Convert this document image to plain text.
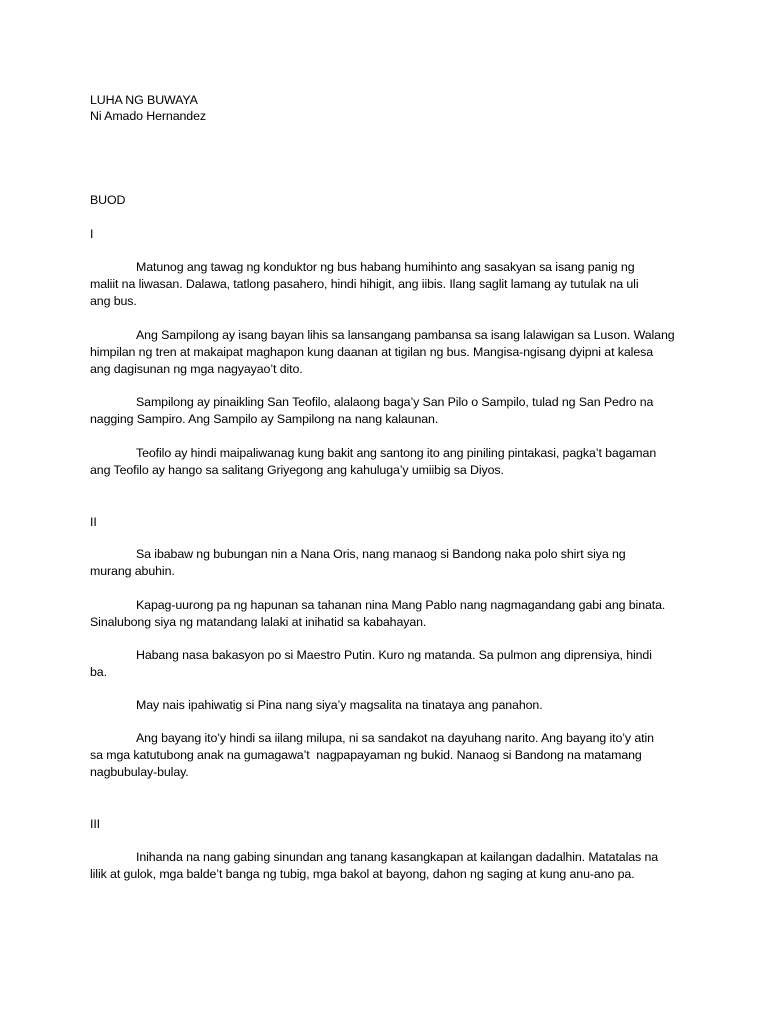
LUHA NG BUWAYA
Ni Amado Hernandez
BUOD
I
Matunog ang tawag ng konduktor ng bus habang humihinto ang sasakyan sa isang panig ng
maliit na liwasan. Dalawa, tatlong pasahero, hindi hihigit, ang iibis. Ilang saglit lamang ay tutulak na uli
ang bus.
Ang Sampilong ay isang bayan lihis sa lansangang pambansa sa isang lalawigan sa Luson. Walang
himpilan ng tren at makaipat maghapon kung daanan at tigilan ng bus. Mangisa-ngisang dyipni at kalesa
ang dagisunan ng mga nagyayao’t dito.
Sampilong ay pinaikling San Teofilo, alalaong baga’y San Pilo o Sampilo, tulad ng San Pedro na
nagging Sampiro. Ang Sampilo ay Sampilong na nang kalaunan.
Teofilo ay hindi maipaliwanag kung bakit ang santong ito ang piniling pintakasi, pagka’t bagaman
ang Teofilo ay hango sa salitang Griyegong ang kahuluga’y umiibig sa Diyos.
II
Sa ibabaw ng bubungan nin a Nana Oris, nang manaog si Bandong naka polo shirt siya ng
murang abuhin.
Kapag-uurong pa ng hapunan sa tahanan nina Mang Pablo nang nagmagandang gabi ang binata.
Sinalubong siya ng matandang lalaki at inihatid sa kabahayan.
Habang nasa bakasyon po si Maestro Putin. Kuro ng matanda. Sa pulmon ang diprensiya, hindi
ba.
May nais ipahiwatig si Pina nang siya’y magsalita na tinataya ang panahon.
Ang bayang ito’y hindi sa iilang milupa, ni sa sandakot na dayuhang narito. Ang bayang ito’y atin
sa mga katutubong anak na gumagawa’t  nagpapayaman ng bukid. Nanaog si Bandong na matamang
nagbubulay-bulay.
III
Inihanda na nang gabing sinundan ang tanang kasangkapan at kailangan dadalhin. Matatalas na
lilik at gulok, mga balde’t banga ng tubig, mga bakol at bayong, dahon ng saging at kung anu-ano pa.
